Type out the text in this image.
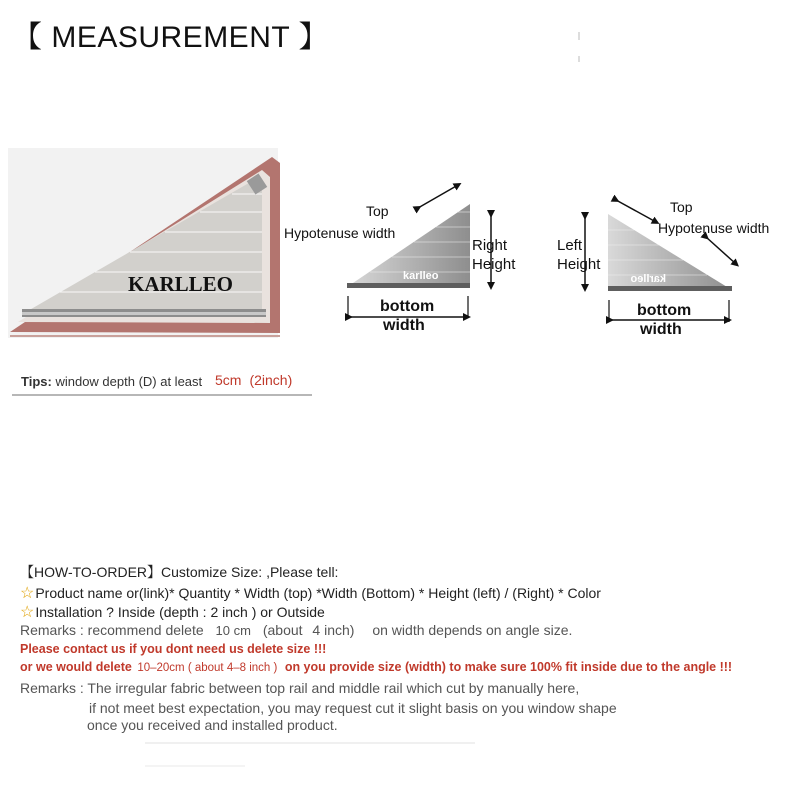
【 MEASUREMENT 】
KARLLEO	karlleo
Top
Hypotenuse width
Right
Height
bottom
width
karlleo
Top
Hypotenuse width
Left
Height
bottom
width
Tips: window depth (D) at least 5cm (2inch)
【HOW-TO-ORDER】Customize Size: ,Please tell:
☆Product name or(link)* Quantity * Width (top) *Width (Bottom) * Height (left) / (Right) * Color
☆Installation ? Inside (depth : 2 inch ) or Outside
Remarks : recommend delete 10 cm (about 4 inch) on width depends on angle size.
Please contact us if you dont need us delete size !!!
or we would delete 10–20cm ( about 4–8 inch ) on you provide size (width) to make sure 100% fit inside due to the angle !!!
Remarks : The irregular fabric between top rail and middle rail which cut by manually here,
if not meet best expectation, you may request cut it slight basis on you window shape
once you received and installed product.
